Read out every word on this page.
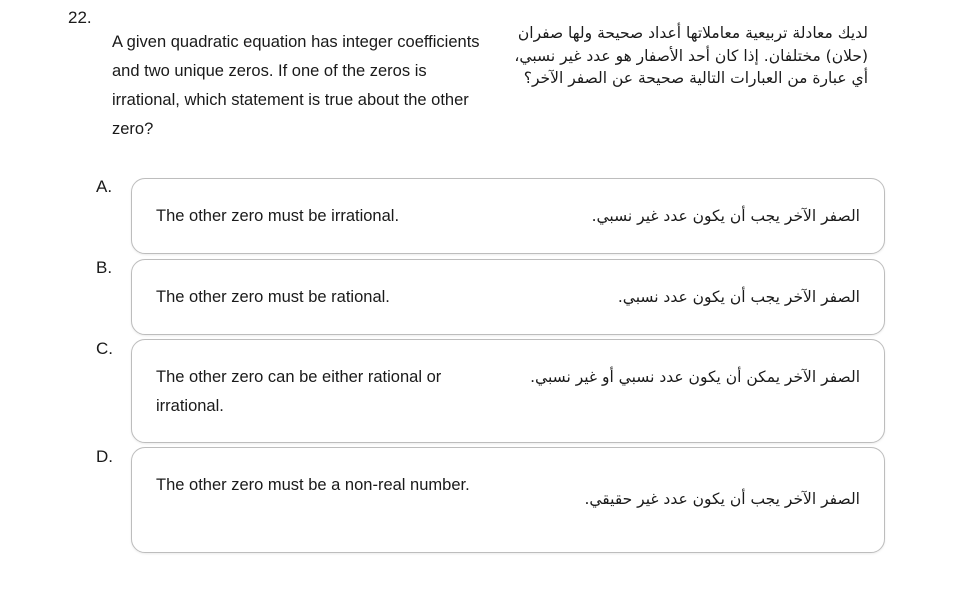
22.
A given quadratic equation has integer coefficients and two unique zeros. If one of the zeros is irrational, which statement is true about the other zero?
لديك معادلة تربيعية معاملاتها أعداد صحيحة ولها صفران (حلان) مختلفان. إذا كان أحد الأصفار هو عدد غير نسبي، أي عبارة من العبارات التالية صحيحة عن الصفر الآخر؟
A.
The other zero must be irrational.	الصفر الآخر يجب أن يكون عدد غير نسبي.
B.
The other zero must be rational.	الصفر الآخر يجب أن يكون عدد نسبي.
C.
The other zero can be either rational or irrational.
الصفر الآخر يمكن أن يكون عدد نسبي أو غير نسبي.
D.
The other zero must be a non-real number.
الصفر الآخر يجب أن يكون عدد غير حقيقي.
